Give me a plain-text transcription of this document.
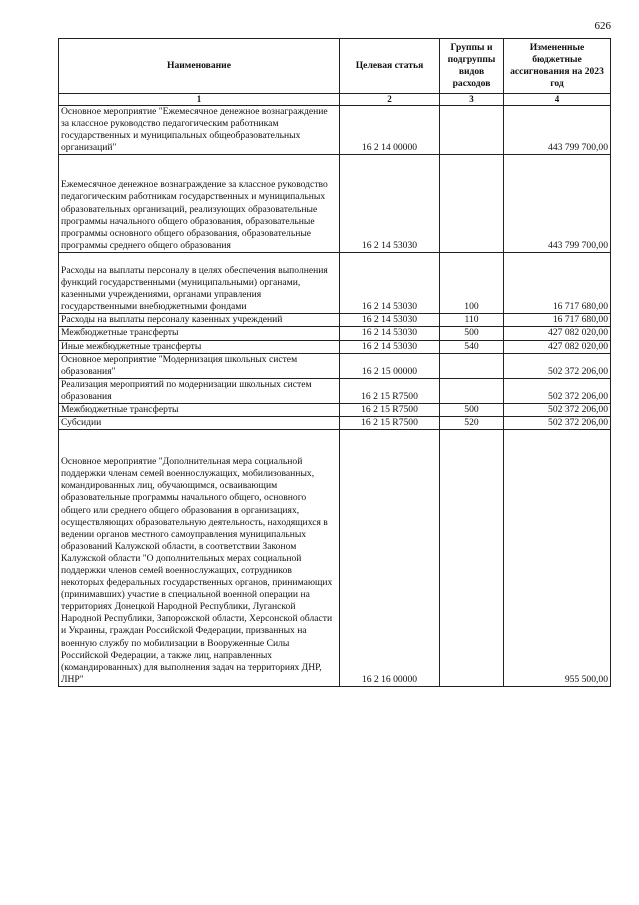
626
Наименование	Целевая статья	Группы и подгруппы видов расходов	Измененные бюджетные ассигнования на 2023 год
1	2	3	4
Основное мероприятие "Ежемесячное денежное вознаграждение за классное руководство педагогическим работникам государственных и муниципальных общеобразовательных организаций"	16 2 14 00000		443 799 700,00
Ежемесячное денежное вознаграждение за классное руководство педагогическим работникам государственных и муниципальных образовательных организаций, реализующих образовательные программы начального общего образования, образовательные программы основного общего образования, образовательные программы среднего общего образования	16 2 14 53030		443 799 700,00
Расходы на выплаты персоналу в целях обеспечения выполнения функций государственными (муниципальными) органами, казенными учреждениями, органами управления государственными внебюджетными фондами	16 2 14 53030	100	16 717 680,00
Расходы на выплаты персоналу казенных учреждений	16 2 14 53030	110	16 717 680,00
Межбюджетные трансферты	16 2 14 53030	500	427 082 020,00
Иные межбюджетные трансферты	16 2 14 53030	540	427 082 020,00
Основное мероприятие "Модернизация школьных систем образования"	16 2 15 00000		502 372 206,00
Реализация мероприятий по модернизации школьных систем образования	16 2 15 R7500		502 372 206,00
Межбюджетные трансферты	16 2 15 R7500	500	502 372 206,00
Субсидии	16 2 15 R7500	520	502 372 206,00
Основное мероприятие "Дополнительная мера социальной поддержки членам семей военнослужащих, мобилизованных, командированных лиц, обучающимся, осваивающим образовательные программы начального общего, основного общего или среднего общего образования в организациях, осуществляющих образовательную деятельность, находящихся в ведении органов местного самоуправления муниципальных образований Калужской области, в соответствии Законом Калужской области "О дополнительных мерах социальной поддержки членов семей военнослужащих, сотрудников некоторых федеральных государственных органов, принимающих (принимавших) участие в специальной военной операции на территориях Донецкой Народной Республики, Луганской Народной Республики, Запорожской области, Херсонской области и Украины, граждан Российской Федерации, призванных на военную службу по мобилизации в Вооруженные Силы Российской Федерации, а также лиц, направленных (командированных) для выполнения задач на территориях ДНР, ЛНР"	16 2 16 00000		955 500,00
